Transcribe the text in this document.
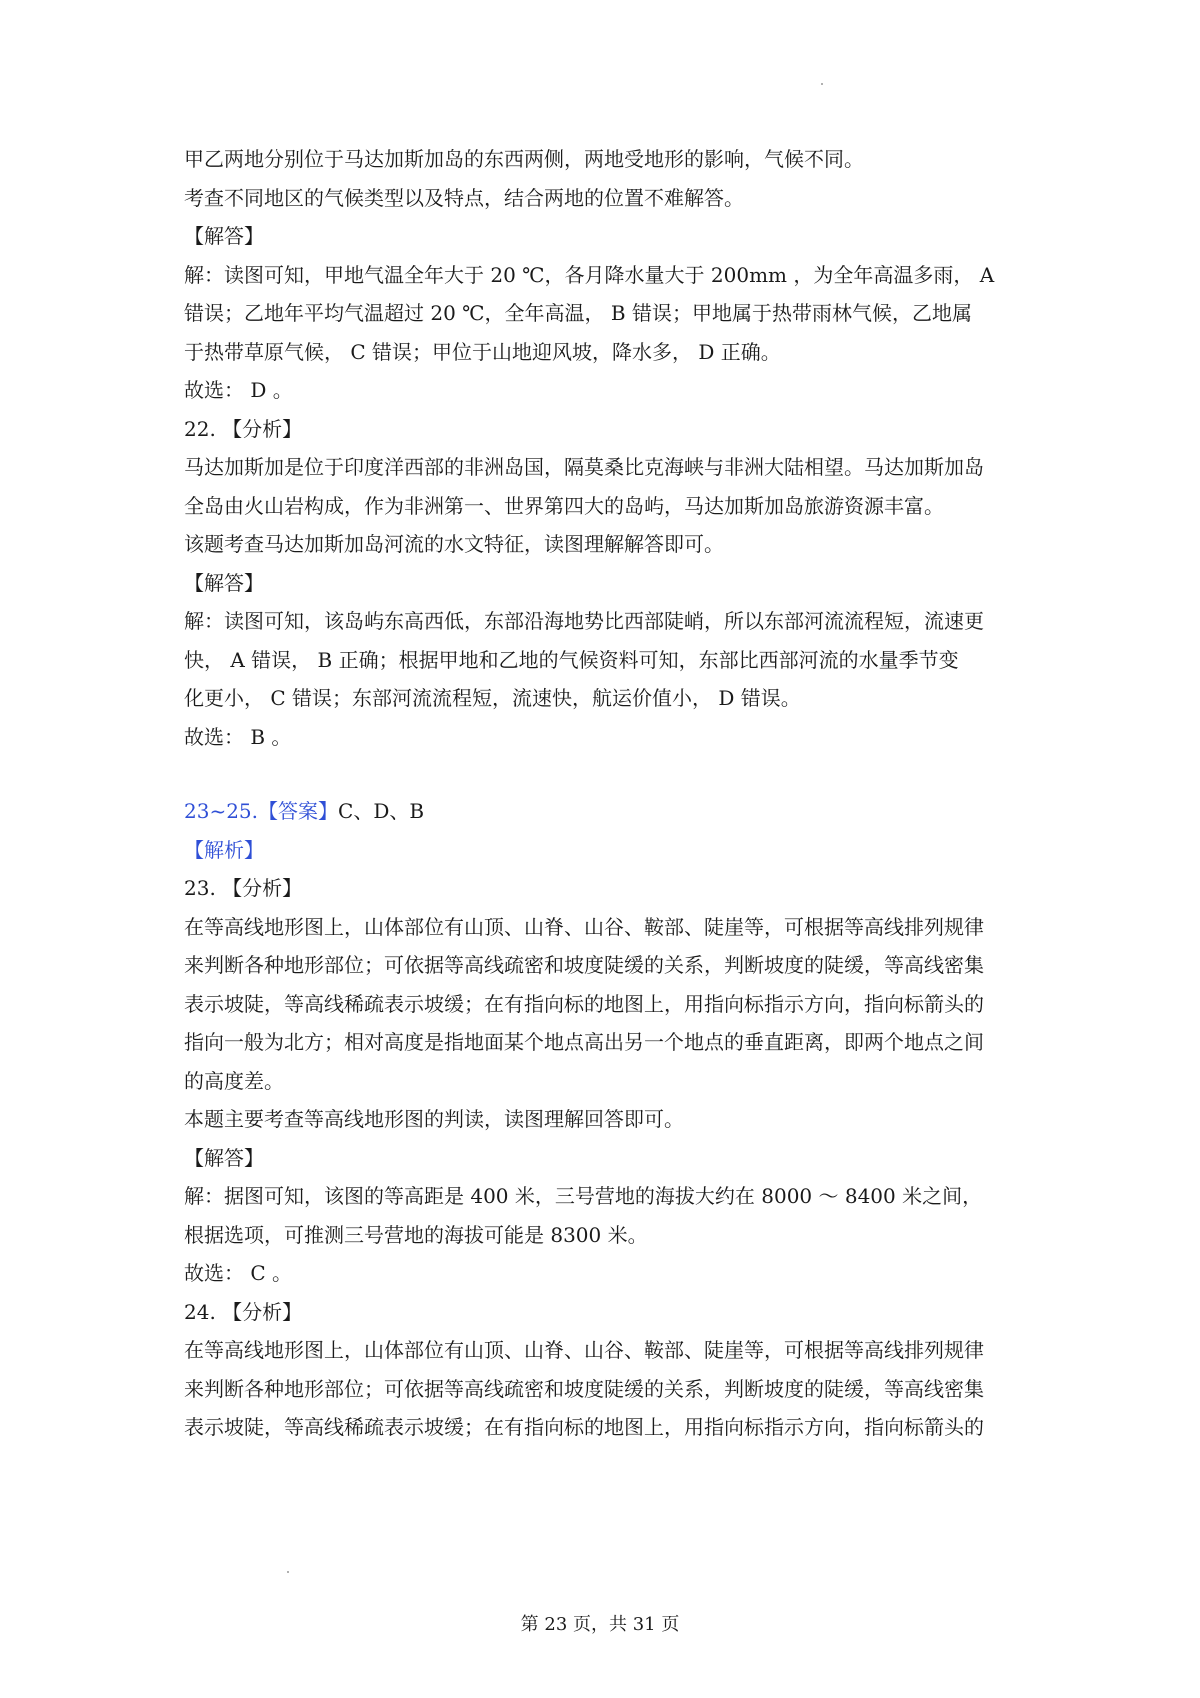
甲乙两地分别位于马达加斯加岛的东西两侧，两地受地形的影响，气候不同。

考查不同地区的气候类型以及特点，结合两地的位置不难解答。

【解答】

解：读图可知，甲地气温全年大于 20 ℃，各月降水量大于 200mm ，为全年高温多雨， A

错误；乙地年平均气温超过 20 ℃，全年高温， B 错误；甲地属于热带雨林气候，乙地属

于热带草原气候， C 错误；甲位于山地迎风坡，降水多， D 正确。

故选： D 。

22. 【分析】

马达加斯加是位于印度洋西部的非洲岛国，隔莫桑比克海峡与非洲大陆相望。马达加斯加岛

全岛由火山岩构成，作为非洲第一、世界第四大的岛屿，马达加斯加岛旅游资源丰富。

该题考查马达加斯加岛河流的水文特征，读图理解解答即可。

【解答】

解：读图可知，该岛屿东高西低，东部沿海地势比西部陡峭，所以东部河流流程短，流速更

快， A 错误， B 正确；根据甲地和乙地的气候资料可知，东部比西部河流的水量季节变

化更小， C 错误；东部河流流程短，流速快，航运价值小， D 错误。

故选： B 。

23~25.【答案】C、D、B

【解析】

23. 【分析】

在等高线地形图上，山体部位有山顶、山脊、山谷、鞍部、陡崖等，可根据等高线排列规律

来判断各种地形部位；可依据等高线疏密和坡度陡缓的关系，判断坡度的陡缓，等高线密集

表示坡陡，等高线稀疏表示坡缓；在有指向标的地图上，用指向标指示方向，指向标箭头的

指向一般为北方；相对高度是指地面某个地点高出另一个地点的垂直距离，即两个地点之间

的高度差。

本题主要考查等高线地形图的判读，读图理解回答即可。

【解答】

解：据图可知，该图的等高距是 400 米，三号营地的海拔大约在 8000 ～ 8400 米之间，

根据选项，可推测三号营地的海拔可能是 8300 米。

故选： C 。

24. 【分析】

在等高线地形图上，山体部位有山顶、山脊、山谷、鞍部、陡崖等，可根据等高线排列规律

来判断各种地形部位；可依据等高线疏密和坡度陡缓的关系，判断坡度的陡缓，等高线密集

表示坡陡，等高线稀疏表示坡缓；在有指向标的地图上，用指向标指示方向，指向标箭头的

第 23 页，共 31 页
